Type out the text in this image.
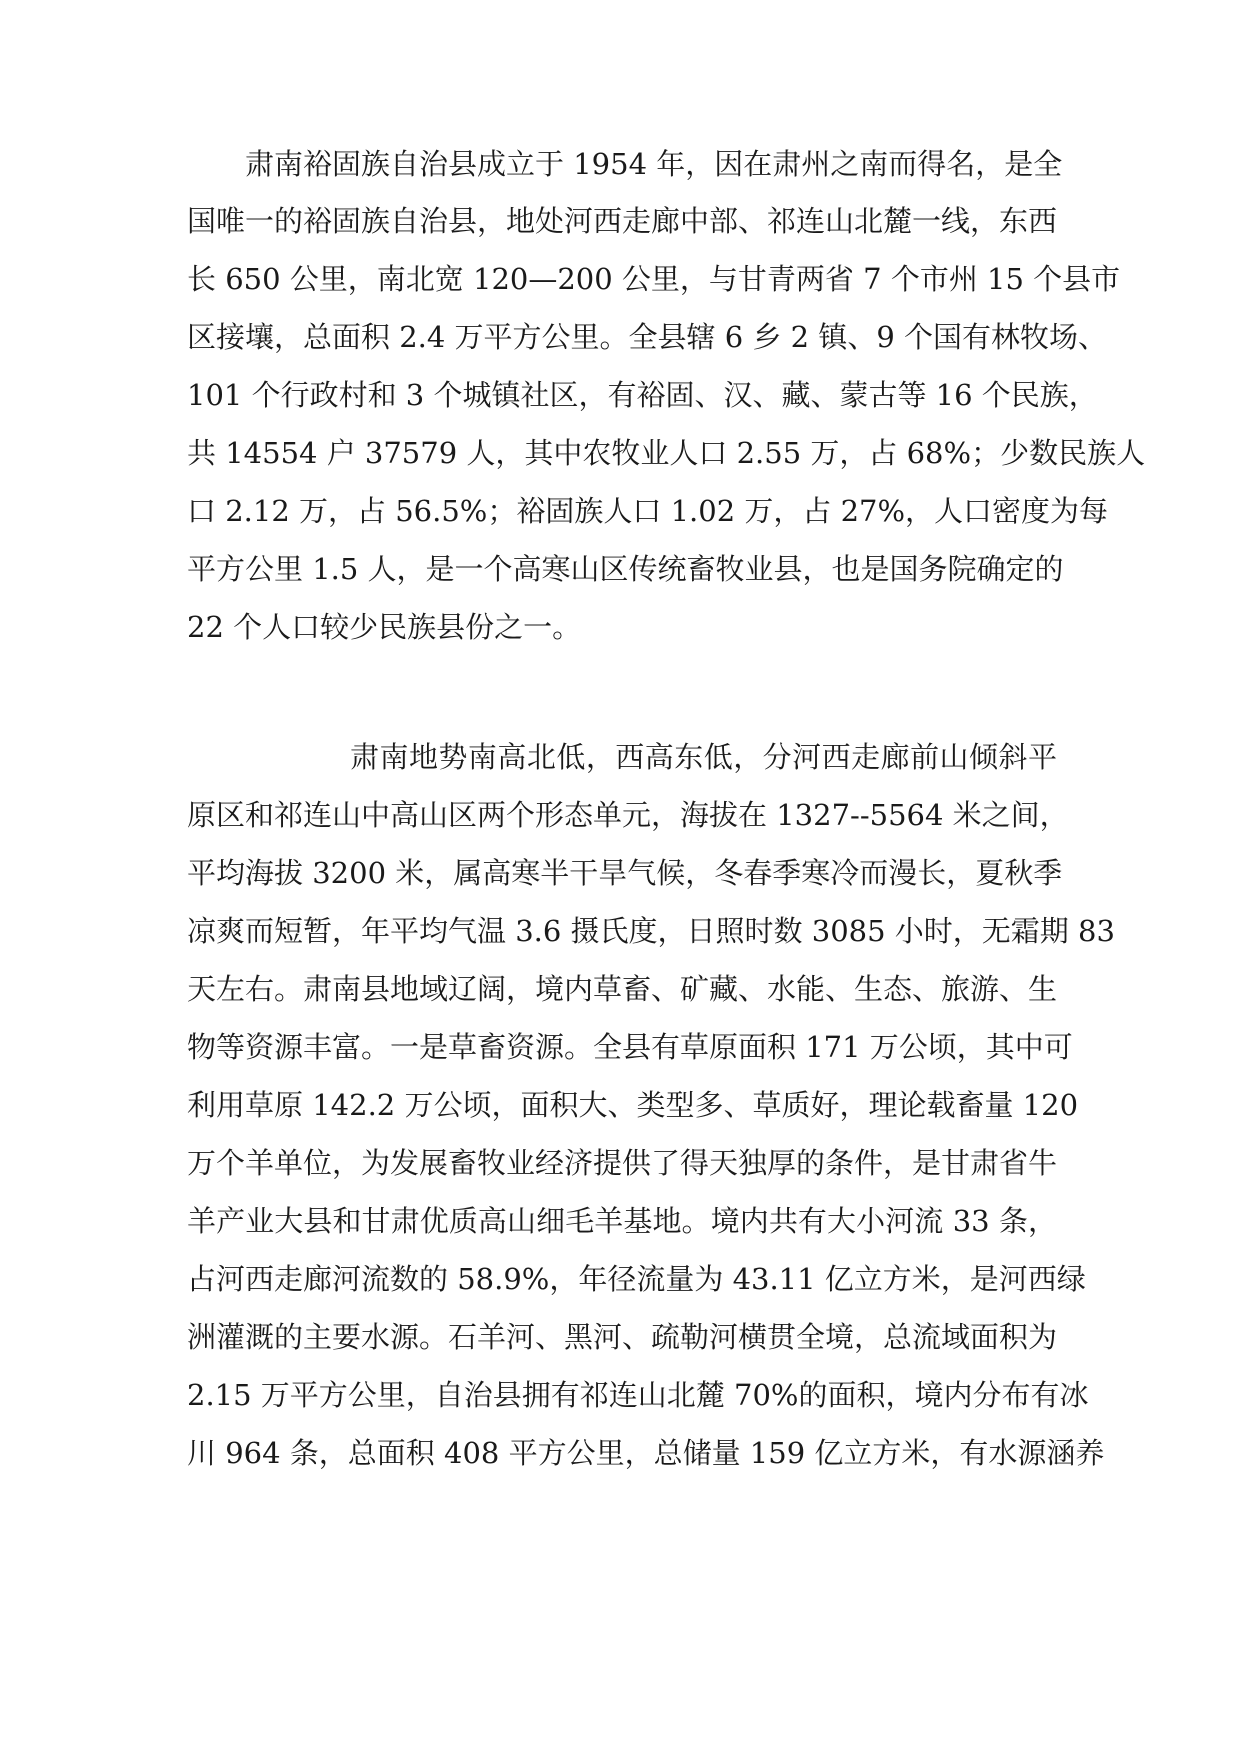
肃南裕固族自治县成立于 1954 年，因在肃州之南而得名，是全
国唯一的裕固族自治县，地处河西走廊中部、祁连山北麓一线，东西
长 650 公里，南北宽 120—200 公里，与甘青两省 7 个市州 15 个县市
区接壤，总面积 2.4 万平方公里。全县辖 6 乡 2 镇、9 个国有林牧场、
101 个行政村和 3 个城镇社区，有裕固、汉、藏、蒙古等 16 个民族，
共 14554 户 37579 人，其中农牧业人口 2.55 万，占 68%；少数民族人
口 2.12 万，占 56.5%；裕固族人口 1.02 万，占 27%，人口密度为每
平方公里 1.5 人，是一个高寒山区传统畜牧业县，也是国务院确定的
22 个人口较少民族县份之一。
肃南地势南高北低，西高东低，分河西走廊前山倾斜平
原区和祁连山中高山区两个形态单元，海拔在 1327--5564 米之间，
平均海拔 3200 米，属高寒半干旱气候，冬春季寒冷而漫长，夏秋季
凉爽而短暂，年平均气温 3.6 摄氏度，日照时数 3085 小时，无霜期 83
天左右。肃南县地域辽阔，境内草畜、矿藏、水能、生态、旅游、生
物等资源丰富。一是草畜资源。全县有草原面积 171 万公顷，其中可
利用草原 142.2 万公顷，面积大、类型多、草质好，理论载畜量 120
万个羊单位，为发展畜牧业经济提供了得天独厚的条件，是甘肃省牛
羊产业大县和甘肃优质高山细毛羊基地。境内共有大小河流 33 条，
占河西走廊河流数的 58.9%，年径流量为 43.11 亿立方米，是河西绿
洲灌溉的主要水源。石羊河、黑河、疏勒河横贯全境，总流域面积为
2.15 万平方公里，自治县拥有祁连山北麓 70%的面积，境内分布有冰
川 964 条，总面积 408 平方公里，总储量 159 亿立方米，有水源涵养
